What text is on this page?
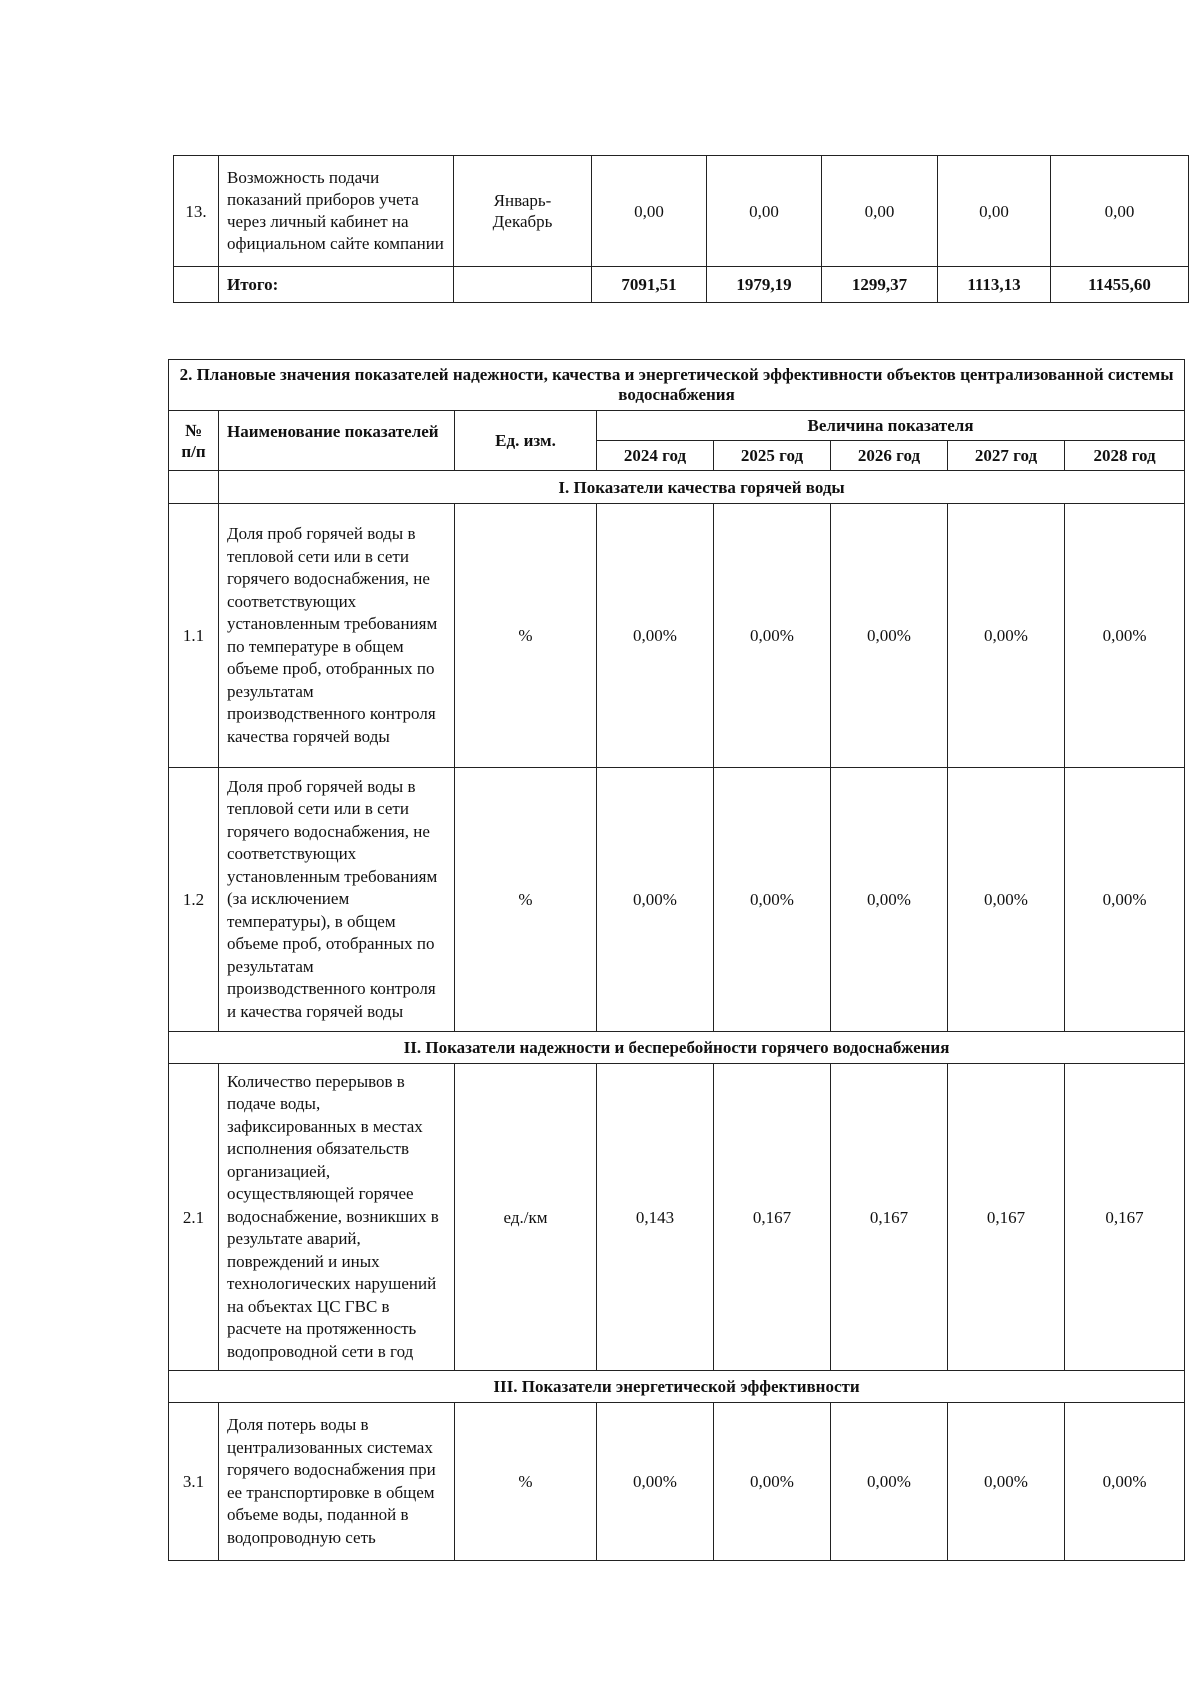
13.	Возможность подачи показаний приборов учета через личный кабинет на официальном сайте компании	Январь-Декабрь	0,00	0,00	0,00	0,00	0,00
	Итого:		7091,51	1979,19	1299,37	1113,13	11455,60
2. Плановые значения показателей надежности, качества и энергетической эффективности объектов централизованной системы водоснабжения							
№ п/п	Наименование показателей	Ед. изм.	Величина показателя				
			2024 год	2025 год	2026 год	2027 год	2028 год
	I. Показатели качества горячей воды						
1.1	Доля проб горячей воды в тепловой сети или в сети горячего водоснабжения, не соответствующих установленным требованиям по температуре в общем объеме проб, отобранных по результатам производственного контроля качества горячей воды	%	0,00%	0,00%	0,00%	0,00%	0,00%
1.2	Доля проб горячей воды в тепловой сети или в сети горячего водоснабжения, не соответствующих установленным требованиям (за исключением температуры), в общем объеме проб, отобранных по результатам производственного контроля и качества горячей воды	%	0,00%	0,00%	0,00%	0,00%	0,00%
II. Показатели надежности и бесперебойности горячего водоснабжения							
2.1	Количество перерывов в подаче воды, зафиксированных в местах исполнения обязательств организацией, осуществляющей горячее водоснабжение, возникших в результате аварий, повреждений и иных технологических нарушений на объектах ЦС ГВС в расчете на протяженность водопроводной сети в год	ед./км	0,143	0,167	0,167	0,167	0,167
III. Показатели энергетической эффективности							
3.1	Доля потерь воды в централизованных системах горячего водоснабжения при ее транспортировке в общем объеме воды, поданной в водопроводную сеть	%	0,00%	0,00%	0,00%	0,00%	0,00%
